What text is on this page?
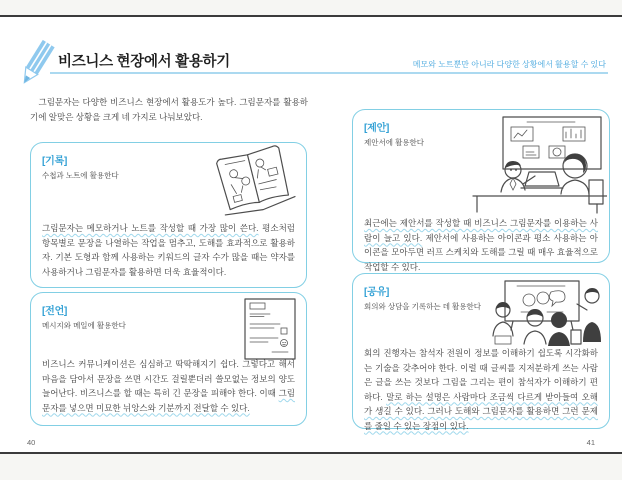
비즈니스 현장에서 활용하기	메모와 노트뿐만 아니라 다양한 상황에서 활용할 수 있다

그림문자는 다양한 비즈니스 현장에서 활용도가 높다. 그림문자를 활용하기에 알맞은 상황을 크게 네 가지로 나눠보았다.

[기록]
수첩과 노트에 활용한다

그림문자는 메모하거나 노트를 작성할 때 가장 많이 쓴다. 평소처럼 항목별로 문장을 나열하는 작업을 멈추고, 도해를 효과적으로 활용하자. 기본 도형과 함께 사용하는 키워드의 글자 수가 많을 때는 약자를 사용하거나 그림문자를 활용하면 더욱 효율적이다.

[전언]
메시지와 메일에 활용한다

비즈니스 커뮤니케이션은 심심하고 딱딱해지기 쉽다. 그렇다고 해서 마음을 담아서 문장을 쓰면 시간도 걸릴뿐더러 쓸모없는 정보의 양도 늘어난다. 비즈니스를 할 때는 특히 긴 문장을 피해야 한다. 이때 그림문자를 넣으면 미묘한 뉘앙스와 기분까지 전달할 수 있다.

[제안]
제안서에 활용한다

최근에는 제안서를 작성할 때 비즈니스 그림문자를 이용하는 사람이 늘고 있다. 제안서에 사용하는 아이콘과 평소 사용하는 아이콘을 모아두면 러프 스케치와 도해를 그릴 때 매우 효율적으로 작업할 수 있다.

[공유]
회의와 상담을 기록하는 데 활용한다

회의 진행자는 참석자 전원이 정보를 이해하기 쉽도록 시각화하는 기술을 갖추어야 한다. 이럴 때 글씨를 지저분하게 쓰는 사람은 글을 쓰는 것보다 그림을 그리는 편이 참석자가 이해하기 편하다. 말로 하는 설명은 사람마다 조금씩 다르게 받아들여 오해가 생길 수 있다. 그러나 도해와 그림문자를 활용하면 그런 문제를 줄일 수 있는 장점이 있다.

40	41
